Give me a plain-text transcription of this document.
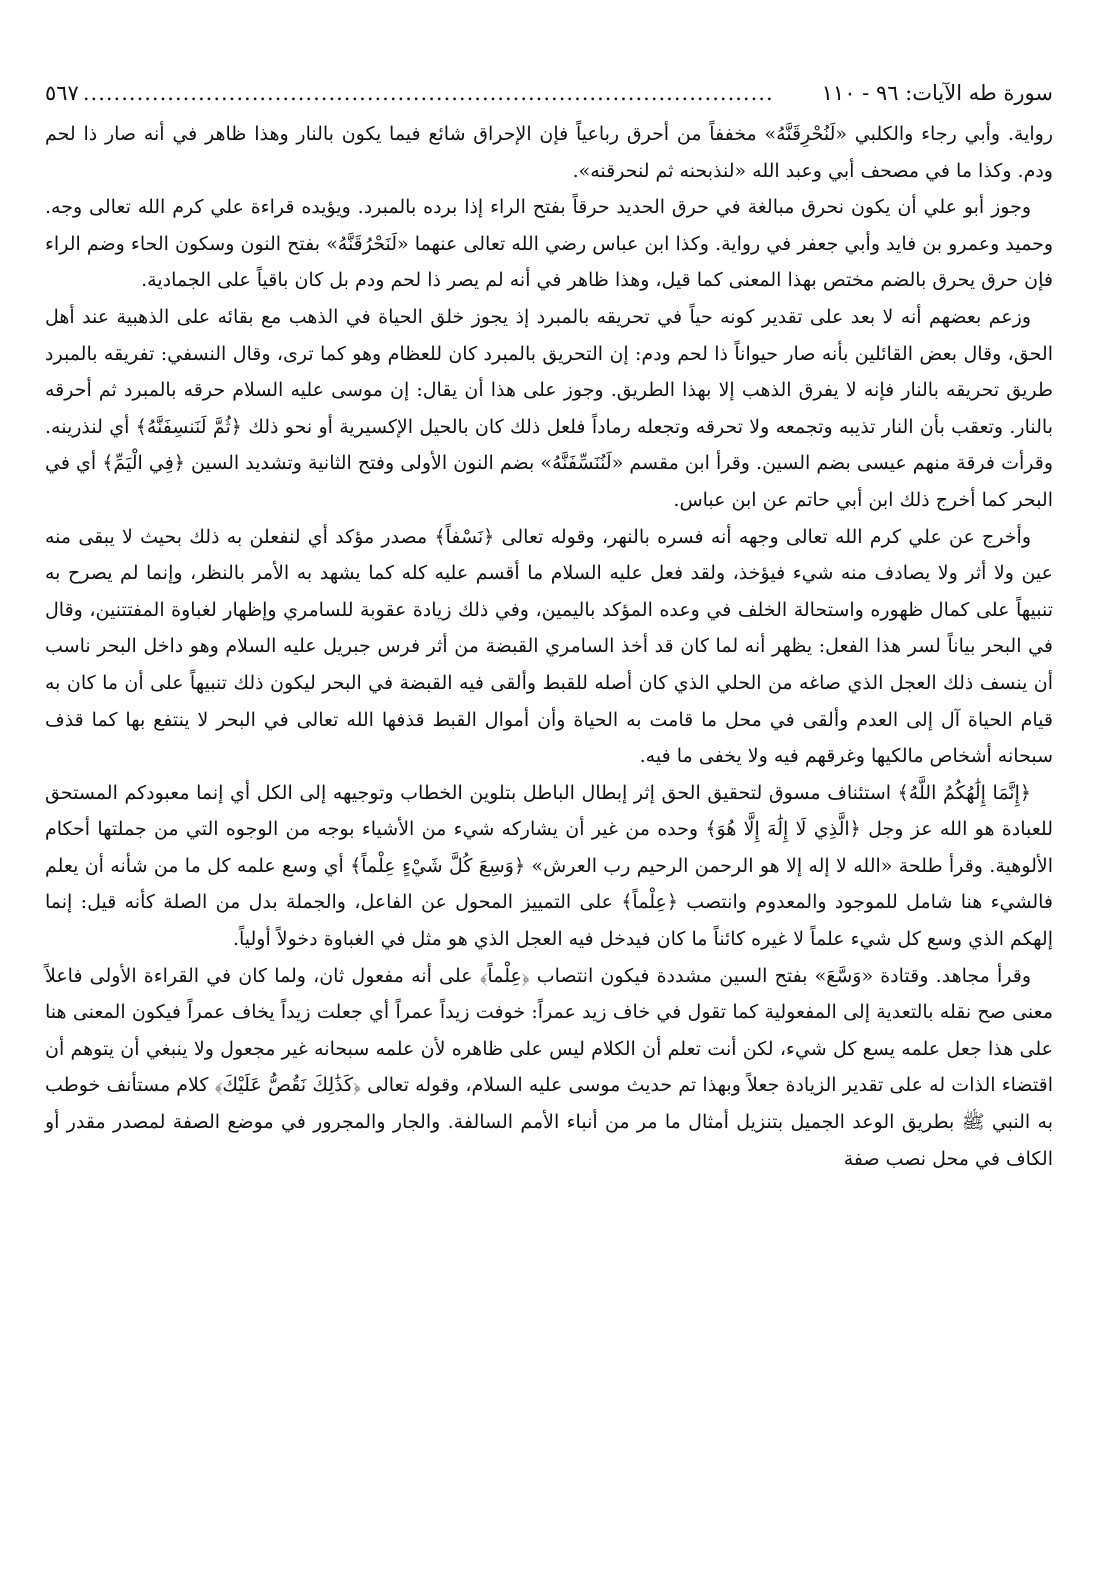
سورة طه الآيات: ٩٦ - ١١٠
..........................................................................................
٥٦٧

رواية. وأبي رجاء والكلبي «لَنُحْرِقَنَّهُ» مخففاً من أحرق رباعياً فإن الإحراق شائع فيما يكون بالنار وهذا ظاهر في أنه صار ذا لحم ودم. وكذا ما في مصحف أبي وعبد الله «لنذبحنه ثم لنحرقنه».

وجوز أبو علي أن يكون نحرق مبالغة في حرق الحديد حرقاً بفتح الراء إذا برده بالمبرد. ويؤيده قراءة علي كرم الله تعالى وجه. وحميد وعمرو بن فايد وأبي جعفر في رواية. وكذا ابن عباس رضي الله تعالى عنهما «لَنَحْرُقَنَّهُ» بفتح النون وسكون الحاء وضم الراء فإن حرق يحرق بالضم مختص بهذا المعنى كما قيل، وهذا ظاهر في أنه لم يصر ذا لحم ودم بل كان باقياً على الجمادية.

وزعم بعضهم أنه لا بعد على تقدير كونه حياً في تحريقه بالمبرد إذ يجوز خلق الحياة في الذهب مع بقائه على الذهبية عند أهل الحق، وقال بعض القائلين بأنه صار حيواناً ذا لحم ودم: إن التحريق بالمبرد كان للعظام وهو كما ترى، وقال النسفي: تفريقه بالمبرد طريق تحريقه بالنار فإنه لا يفرق الذهب إلا بهذا الطريق. وجوز على هذا أن يقال: إن موسى عليه السلام حرقه بالمبرد ثم أحرقه بالنار. وتعقب بأن النار تذيبه وتجمعه ولا تحرقه وتجعله رماداً فلعل ذلك كان بالحيل الإكسيرية أو نحو ذلك ﴿ثُمَّ لَنَنسِفَنَّهُ﴾ أي لنذرينه. وقرأت فرقة منهم عيسى بضم السين. وقرأ ابن مقسم «لَنُنَسِّفَنَّهُ» بضم النون الأولى وفتح الثانية وتشديد السين ﴿فِي الْيَمِّ﴾ أي في البحر كما أخرج ذلك ابن أبي حاتم عن ابن عباس.

وأخرج عن علي كرم الله تعالى وجهه أنه فسره بالنهر، وقوله تعالى ﴿نَسْفاً﴾ مصدر مؤكد أي لنفعلن به ذلك بحيث لا يبقى منه عين ولا أثر ولا يصادف منه شيء فيؤخذ، ولقد فعل عليه السلام ما أقسم عليه كله كما يشهد به الأمر بالنظر، وإنما لم يصرح به تنبيهاً على كمال ظهوره واستحالة الخلف في وعده المؤكد باليمين، وفي ذلك زيادة عقوبة للسامري وإظهار لغباوة المفتتنين، وقال في البحر بياناً لسر هذا الفعل: يظهر أنه لما كان قد أخذ السامري القبضة من أثر فرس جبريل عليه السلام وهو داخل البحر ناسب أن ينسف ذلك العجل الذي صاغه من الحلي الذي كان أصله للقبط وألقى فيه القبضة في البحر ليكون ذلك تنبيهاً على أن ما كان به قيام الحياة آل إلى العدم وألقى في محل ما قامت به الحياة وأن أموال القبط قذفها الله تعالى في البحر لا ينتفع بها كما قذف سبحانه أشخاص مالكيها وغرقهم فيه ولا يخفى ما فيه.

﴿إِنَّمَا إِلَٰهُكُمُ اللَّهُ﴾ استئناف مسوق لتحقيق الحق إثر إبطال الباطل بتلوين الخطاب وتوجيهه إلى الكل أي إنما معبودكم المستحق للعبادة هو الله عز وجل ﴿الَّذِي لَا إِلَٰهَ إِلَّا هُوَ﴾ وحده من غير أن يشاركه شيء من الأشياء بوجه من الوجوه التي من جملتها أحكام الألوهية. وقرأ طلحة «الله لا إله إلا هو الرحمن الرحيم رب العرش» ﴿وَسِعَ كُلَّ شَيْءٍ عِلْماً﴾ أي وسع علمه كل ما من شأنه أن يعلم فالشيء هنا شامل للموجود والمعدوم وانتصب ﴿عِلْماً﴾ على التمييز المحول عن الفاعل، والجملة بدل من الصلة كأنه قيل: إنما إلهكم الذي وسع كل شيء علماً لا غيره كائناً ما كان فيدخل فيه العجل الذي هو مثل في الغباوة دخولاً أولياً.

وقرأ مجاهد. وقتادة «وَسَّعَ» بفتح السين مشددة فيكون انتصاب ﴿عِلْماً﴾ على أنه مفعول ثان، ولما كان في القراءة الأولى فاعلاً معنى صح نقله بالتعدية إلى المفعولية كما تقول في خاف زيد عمراً: خوفت زيداً عمراً أي جعلت زيداً يخاف عمراً فيكون المعنى هنا على هذا جعل علمه يسع كل شيء، لكن أنت تعلم أن الكلام ليس على ظاهره لأن علمه سبحانه غير مجعول ولا ينبغي أن يتوهم أن اقتضاء الذات له على تقدير الزيادة جعلاً وبهذا تم حديث موسى عليه السلام، وقوله تعالى ﴿كَذَٰلِكَ نَقُصُّ عَلَيْكَ﴾ كلام مستأنف خوطب به النبي ﷺ بطريق الوعد الجميل بتنزيل أمثال ما مر من أنباء الأمم السالفة. والجار والمجرور في موضع الصفة لمصدر مقدر أو الكاف في محل نصب صفة
